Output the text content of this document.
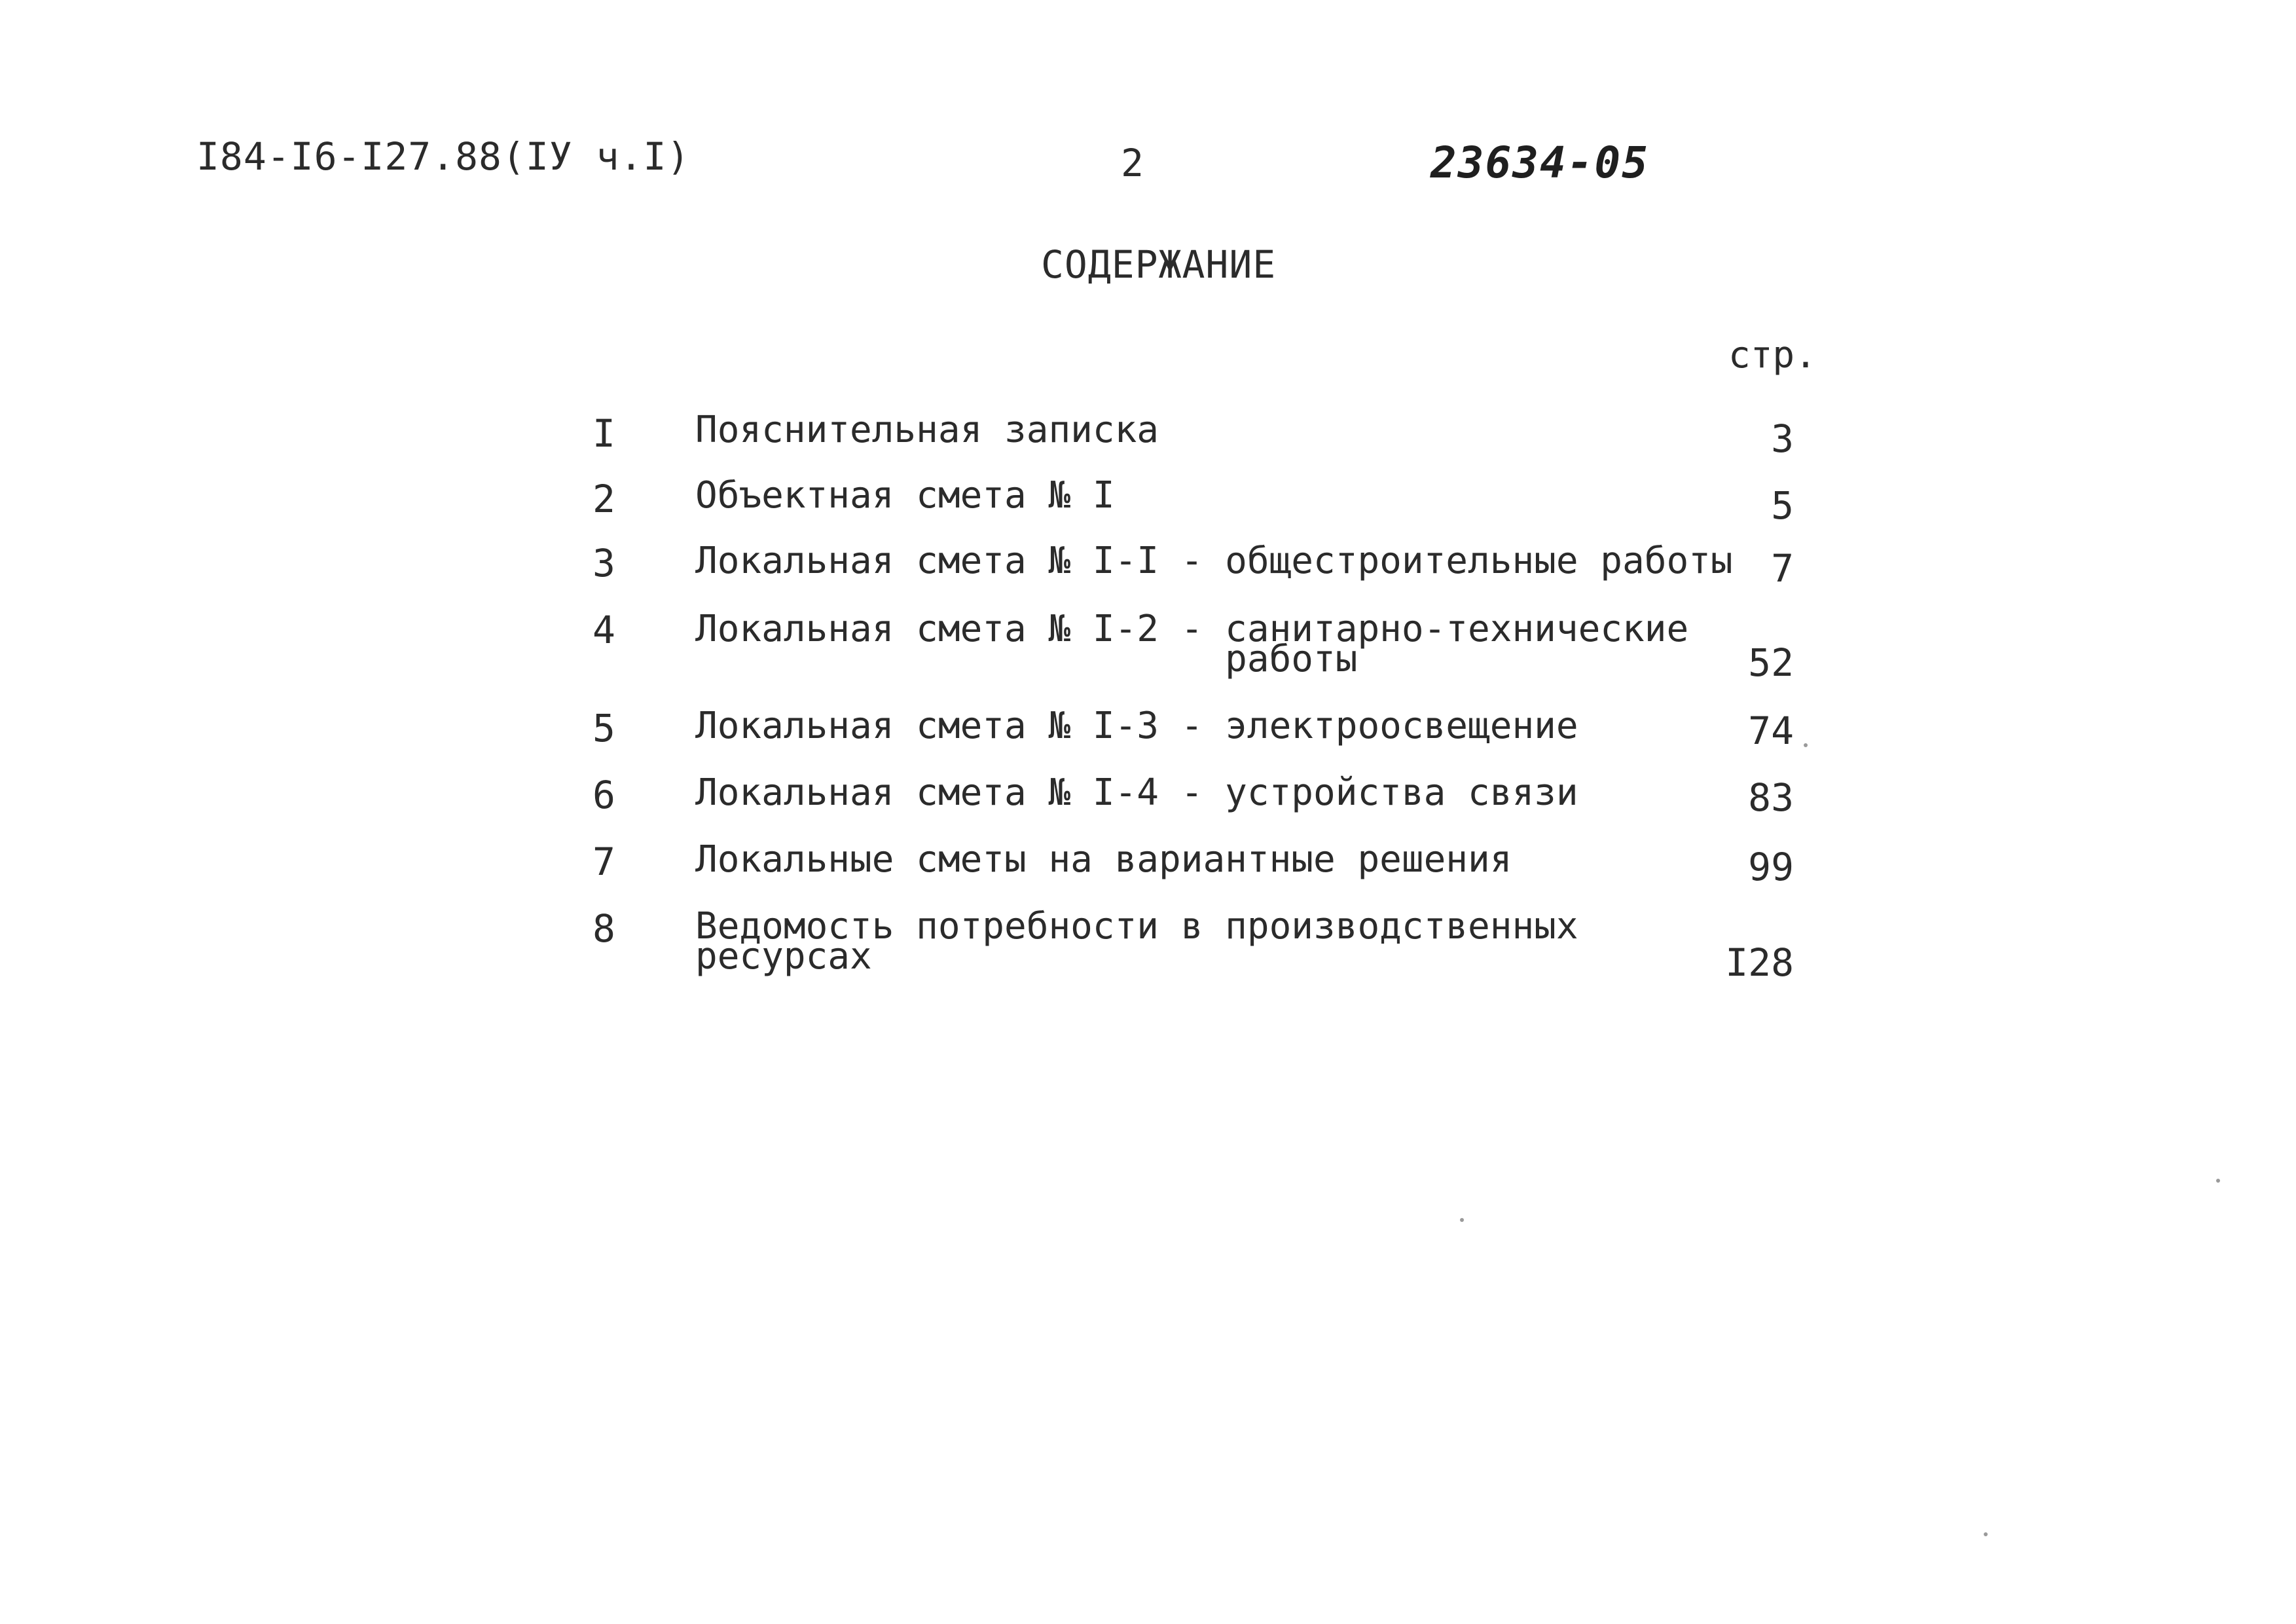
I84-I6-I27.88(IУ ч.I)	2	23634-05
СОДЕРЖАНИЕ
стр.
I	Пояснительная записка	3
2	Объектная смета № I	5
3	Локальная смета № I-I - общестроительные работы	7
4	Локальная смета № I-2 - санитарно-технические
работы	52
5	Локальная смета № I-3 - электроосвещение	74
6	Локальная смета № I-4 - устройства связи	83
7	Локальные сметы на вариантные решения	99
8	Ведомость потребности в производственных
ресурсах	I28
